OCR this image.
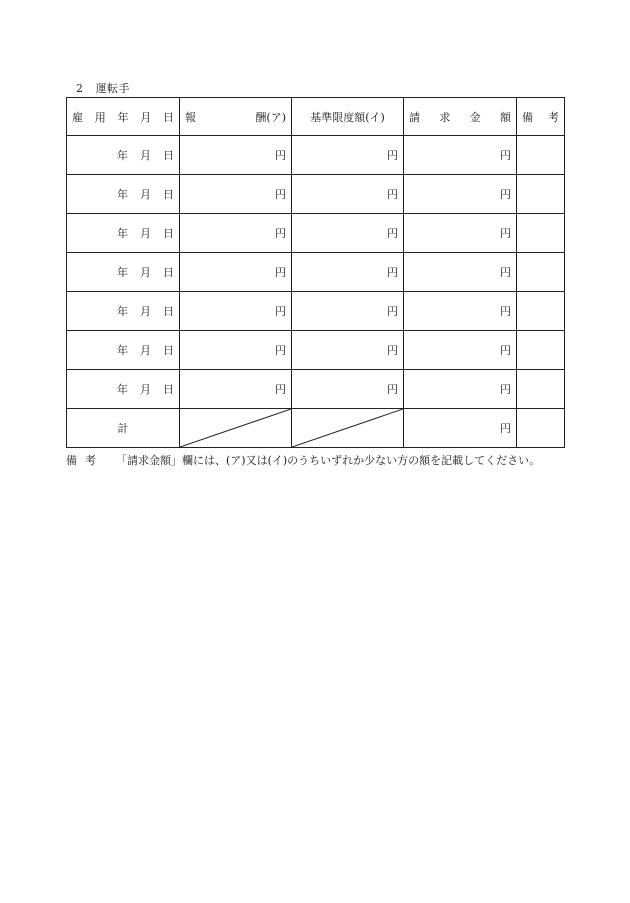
2 運転手
雇 用 年 月 日	報 酬(ア)	基準限度額(イ)	請 求 金 額	備 考

年 月 日	円	円	円	
年 月 日	円	円	円	
年 月 日	円	円	円	
年 月 日	円	円	円	
年 月 日	円	円	円	
年 月 日	円	円	円	
年 月 日	円	円	円	
計			円	
備考 「請求金額」欄には、(ア)又は(イ)のうちいずれか少ない方の額を記載してください。
